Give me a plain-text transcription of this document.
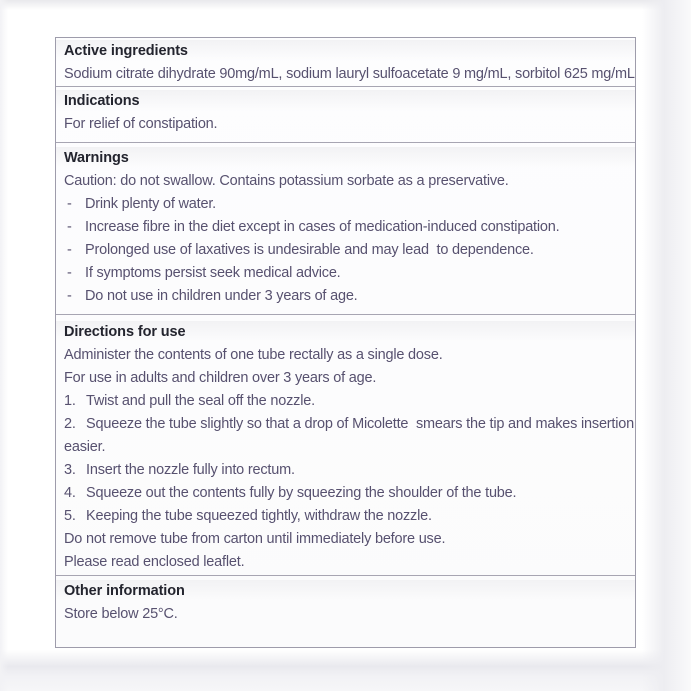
Active ingredients
Sodium citrate dihydrate 90mg/mL, sodium lauryl sulfoacetate 9 mg/mL, sorbitol 625 mg/mL
Indications
For relief of constipation.
Warnings
Caution: do not swallow. Contains potassium sorbate as a preservative.
- Drink plenty of water.
- Increase fibre in the diet except in cases of medication-induced constipation.
- Prolonged use of laxatives is undesirable and may lead  to dependence.
- If symptoms persist seek medical advice.
- Do not use in children under 3 years of age.
Directions for use
Administer the contents of one tube rectally as a single dose.
For use in adults and children over 3 years of age.
1. Twist and pull the seal off the nozzle.
2. Squeeze the tube slightly so that a drop of Micolette  smears the tip and makes insertion
easier.
3. Insert the nozzle fully into rectum.
4. Squeeze out the contents fully by squeezing the shoulder of the tube.
5. Keeping the tube squeezed tightly, withdraw the nozzle.
Do not remove tube from carton until immediately before use.
Please read enclosed leaflet.
Other information
Store below 25°C.
